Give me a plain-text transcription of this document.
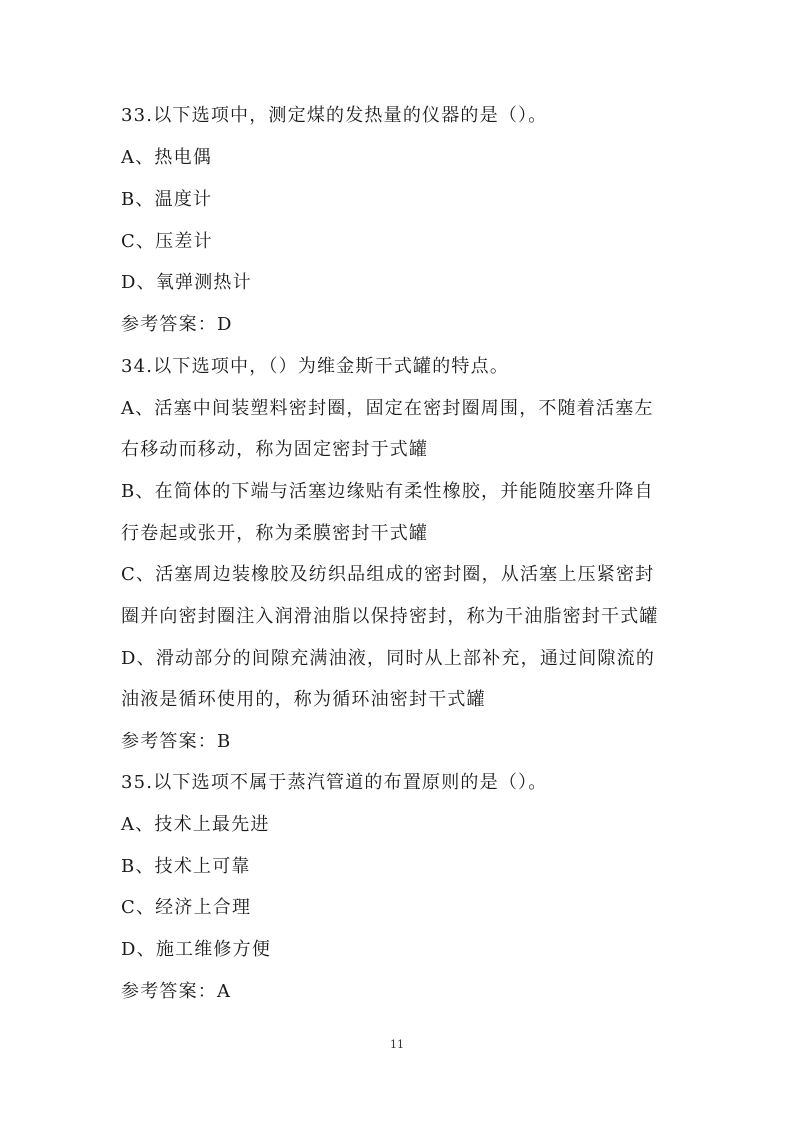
33.以下选项中，测定煤的发热量的仪器的是（）。
A、热电偶
B、温度计
C、压差计
D、氧弹测热计
参考答案：D
34.以下选项中，（）为维金斯干式罐的特点。
A、活塞中间装塑料密封圈，固定在密封圈周围，不随着活塞左
右移动而移动，称为固定密封于式罐
B、在简体的下端与活塞边缘贴有柔性橡胶，并能随胶塞升降自
行卷起或张开，称为柔膜密封干式罐
C、活塞周边装橡胶及纺织品组成的密封圈，从活塞上压紧密封
圈并向密封圈注入润滑油脂以保持密封，称为干油脂密封干式罐
D、滑动部分的间隙充满油液，同时从上部补充，通过间隙流的
油液是循环使用的，称为循环油密封干式罐
参考答案：B
35.以下选项不属于蒸汽管道的布置原则的是（）。
A、技术上最先进
B、技术上可靠
C、经济上合理
D、施工维修方便
参考答案：A
11
